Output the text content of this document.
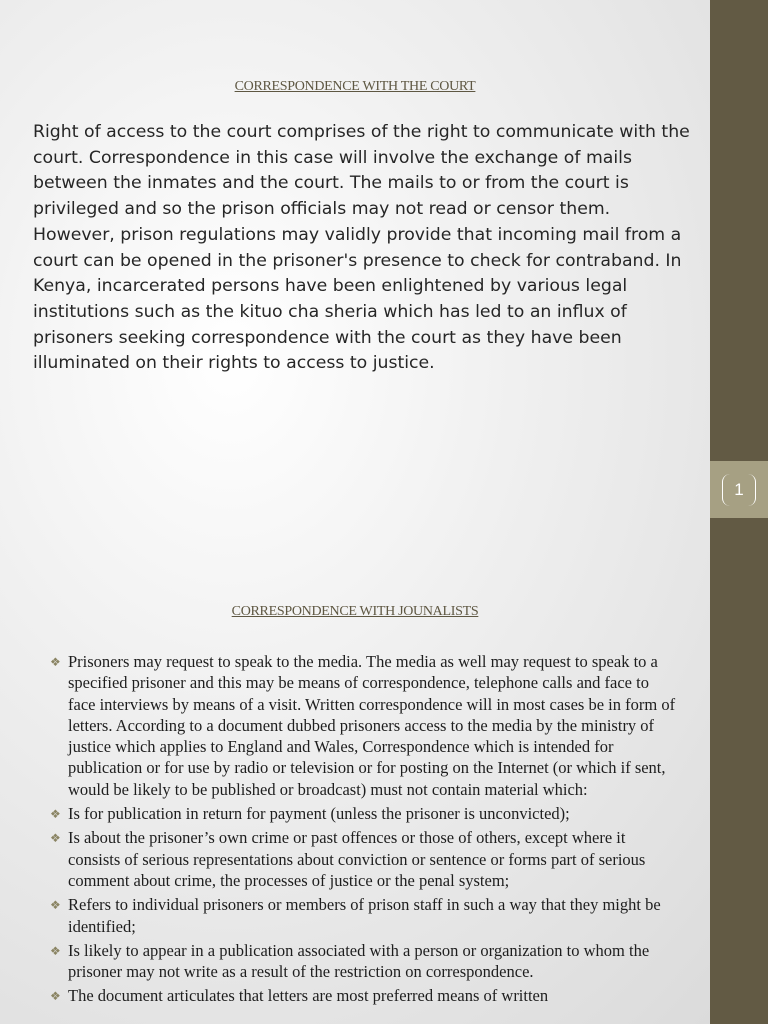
1
CORRESPONDENCE WITH THE COURT

Right of access to the court comprises of the right to communicate with the court. Correspondence in this case will involve the exchange of mails between the inmates and the court. The mails to or from the court is privileged and so the prison officials may not read or censor them. However, prison regulations may validly provide that incoming mail from a court can be opened in the prisoner's presence to check for contraband. In Kenya, incarcerated persons have been enlightened by various legal institutions such as the kituo cha sheria which has led to an influx of prisoners seeking correspondence with the court as they have been illuminated on their rights to access to justice.

CORRESPONDENCE WITH JOUNALISTS
❖ Prisoners may request to speak to the media. The media as well may request to speak to a specified prisoner and this may be means of correspondence, telephone calls and face to face interviews by means of a visit. Written correspondence will in most cases be in form of letters. According to a document dubbed prisoners access to the media by the ministry of justice which applies to England and Wales, Correspondence which is intended for publication or for use by radio or television or for posting on the Internet (or which if sent, would be likely to be published or broadcast) must not contain material which:
❖ Is for publication in return for payment (unless the prisoner is unconvicted);
❖ Is about the prisoner’s own crime or past offences or those of others, except where it consists of serious representations about conviction or sentence or forms part of serious comment about crime, the processes of justice or the penal system;
❖ Refers to individual prisoners or members of prison staff in such a way that they might be identified;
❖ Is likely to appear in a publication associated with a person or organization to whom the prisoner may not write as a result of the restriction on correspondence.
❖ The document articulates that letters are most preferred means of written
